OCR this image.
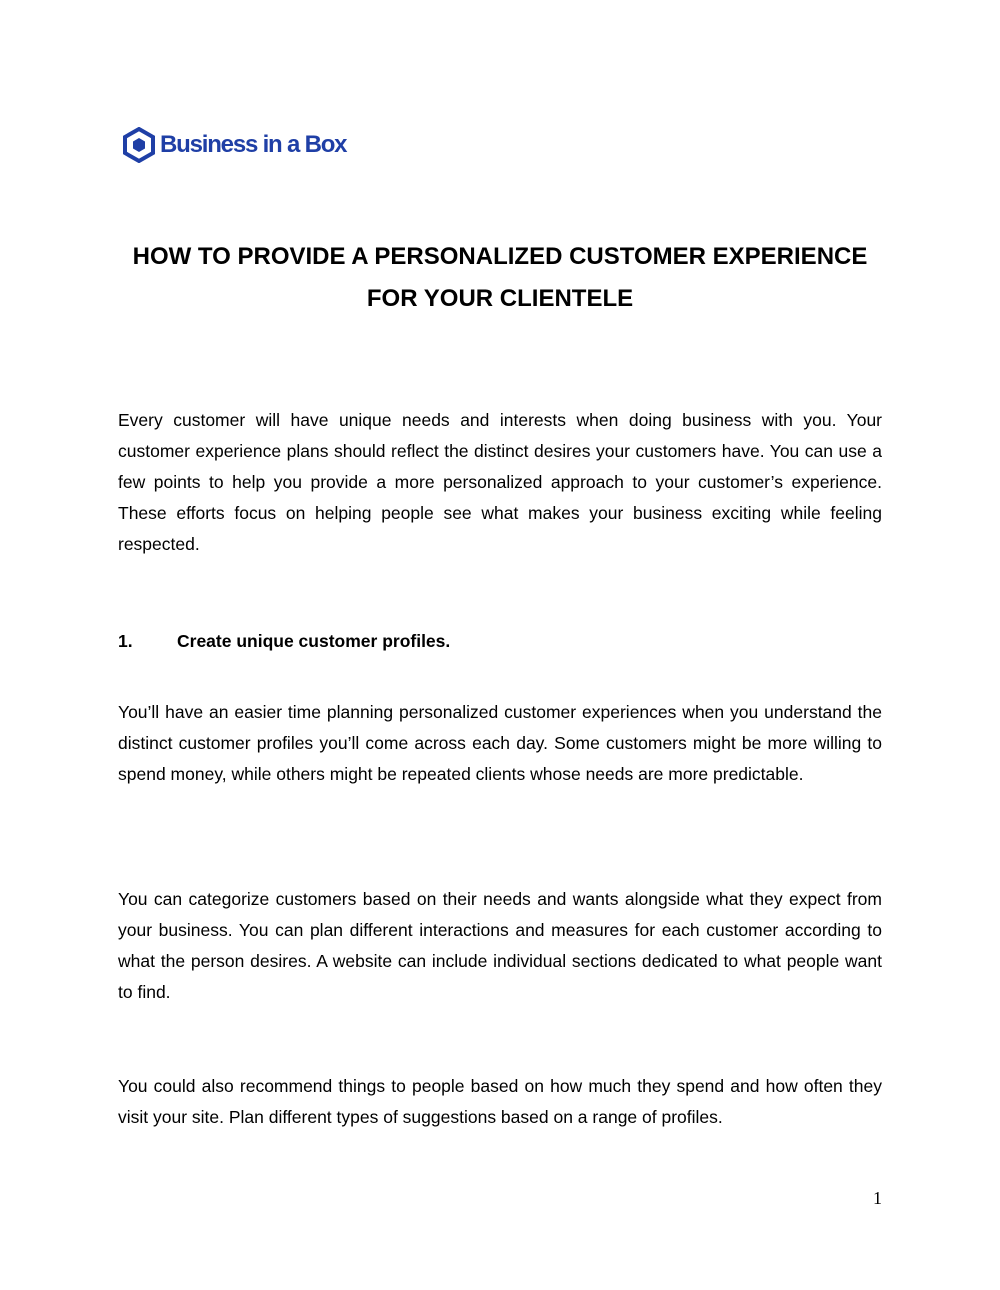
Business in a Box
HOW TO PROVIDE A PERSONALIZED CUSTOMER EXPERIENCE
FOR YOUR CLIENTELE
Every customer will have unique needs and interests when doing business with you. Your customer experience plans should reflect the distinct desires your customers have. You can use a few points to help you provide a more personalized approach to your customer’s experience. These efforts focus on helping people see what makes your business exciting while feeling respected.
1.	Create unique customer profiles.
You’ll have an easier time planning personalized customer experiences when you understand the distinct customer profiles you’ll come across each day. Some customers might be more willing to spend money, while others might be repeated clients whose needs are more predictable.
You can categorize customers based on their needs and wants alongside what they expect from your business. You can plan different interactions and measures for each customer according to what the person desires. A website can include individual sections dedicated to what people want to find.
You could also recommend things to people based on how much they spend and how often they visit your site. Plan different types of suggestions based on a range of profiles.
1
